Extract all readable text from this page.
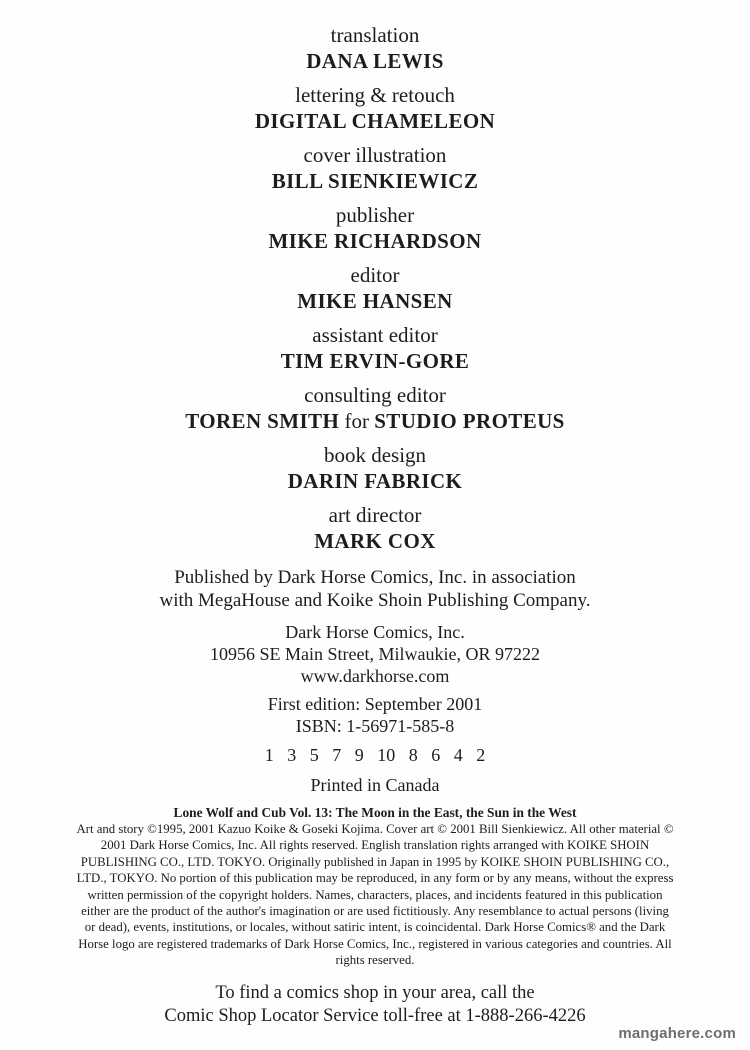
translation
DANA LEWIS
lettering & retouch
DIGITAL CHAMELEON
cover illustration
BILL SIENKIEWICZ
publisher
MIKE RICHARDSON
editor
MIKE HANSEN
assistant editor
TIM ERVIN-GORE
consulting editor
TOREN SMITH for STUDIO PROTEUS
book design
DARIN FABRICK
art director
MARK COX
Published by Dark Horse Comics, Inc. in association
with MegaHouse and Koike Shoin Publishing Company.
Dark Horse Comics, Inc.
10956 SE Main Street, Milwaukie, OR 97222
www.darkhorse.com
First edition: September 2001
ISBN: 1-56971-585-8
1 3 5 7 9 10 8 6 4 2
Printed in Canada
Lone Wolf and Cub Vol. 13: The Moon in the East, the Sun in the West
Art and story ©1995, 2001 Kazuo Koike & Goseki Kojima. Cover art © 2001 Bill Sienkiewicz. All other material © 2001 Dark Horse Comics, Inc. All rights reserved. English translation rights arranged with KOIKE SHOIN PUBLISHING CO., LTD. TOKYO. Originally published in Japan in 1995 by KOIKE SHOIN PUBLISHING CO., LTD., TOKYO. No portion of this publication may be reproduced, in any form or by any means, without the express written permission of the copyright holders. Names, characters, places, and incidents featured in this publication either are the product of the author's imagination or are used fictitiously. Any resemblance to actual persons (living or dead), events, institutions, or locales, without satiric intent, is coincidental. Dark Horse Comics® and the Dark Horse logo are registered trademarks of Dark Horse Comics, Inc., registered in various categories and countries. All rights reserved.
To find a comics shop in your area, call the
Comic Shop Locator Service toll-free at 1-888-266-4226
mangahere.com
